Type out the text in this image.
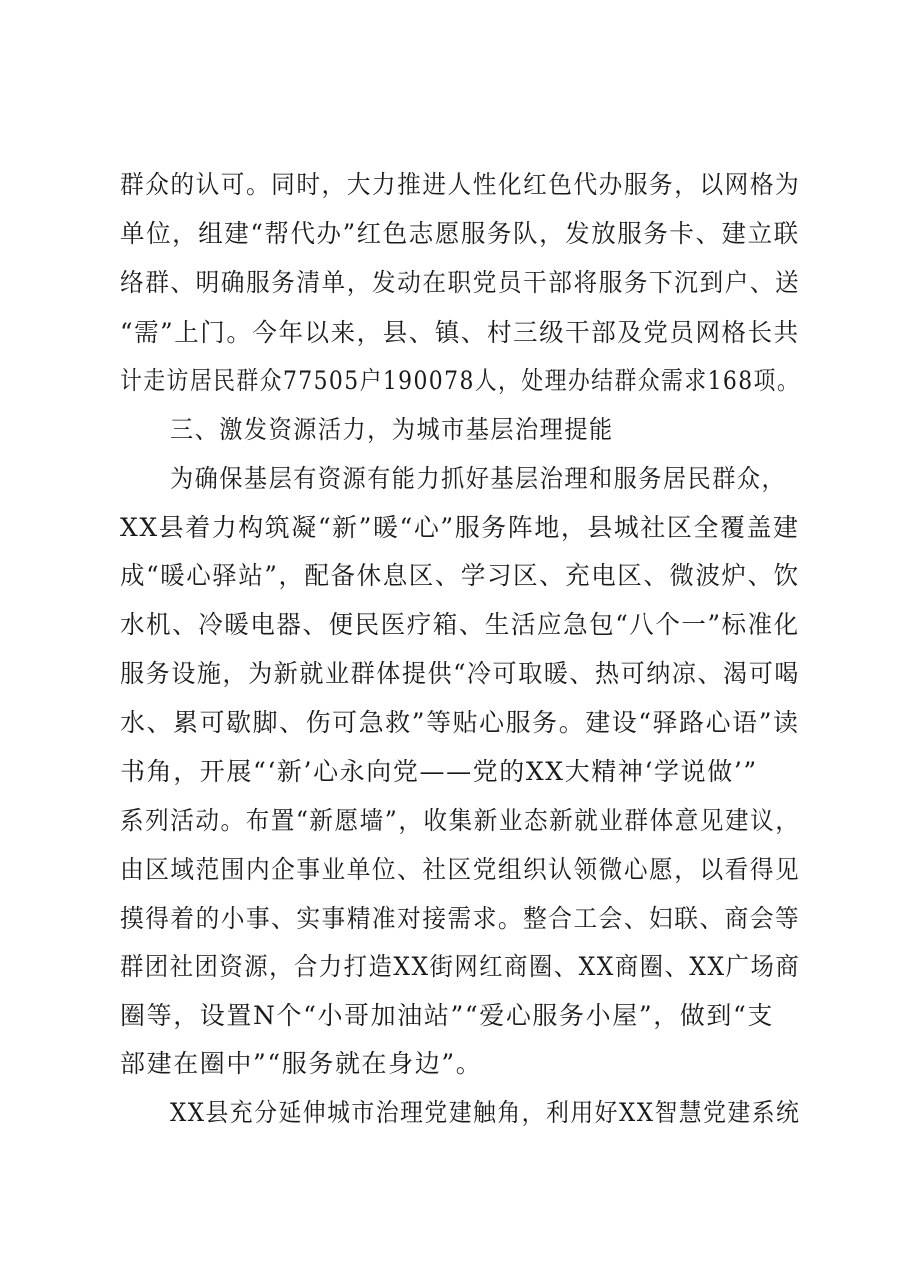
群众的认可。同时，大力推进人性化红色代办服务，以网格为
单位，组建“帮代办”红色志愿服务队，发放服务卡、建立联
络群、明确服务清单，发动在职党员干部将服务下沉到户、送
“需”上门。今年以来，县、镇、村三级干部及党员网格长共
计走访居民群众77505户190078人，处理办结群众需求168项。
三、激发资源活力，为城市基层治理提能
为确保基层有资源有能力抓好基层治理和服务居民群众，
XX县着力构筑凝“新”暖“心”服务阵地，县城社区全覆盖建
成“暖心驿站”，配备休息区、学习区、充电区、微波炉、饮
水机、冷暖电器、便民医疗箱、生活应急包“八个一”标准化
服务设施，为新就业群体提供“冷可取暖、热可纳凉、渴可喝
水、累可歇脚、伤可急救”等贴心服务。建设“驿路心语”读
书角，开展“‘新’心永向党——党的XX大精神‘学说做’”
系列活动。布置“新愿墙”，收集新业态新就业群体意见建议，
由区域范围内企事业单位、社区党组织认领微心愿，以看得见
摸得着的小事、实事精准对接需求。整合工会、妇联、商会等
群团社团资源，合力打造XX街网红商圈、XX商圈、XX广场商
圈等，设置N个“小哥加油站”“爱心服务小屋”，做到“支
部建在圈中”“服务就在身边”。
XX县充分延伸城市治理党建触角，利用好XX智慧党建系统
